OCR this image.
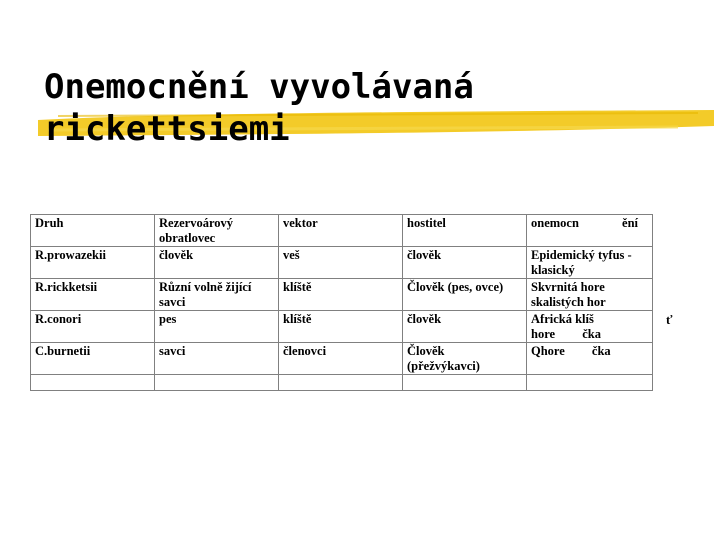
Onemocnění vyvolávaná
rickettsiemi
Druh	Rezervoárový obratlovec	vektor	hostitel	onemocn ění

R.prowazekii	člověk	veš	člověk	Epidemický tyfus -
klasický

R.rickketsii	Různí volně žijící
savci	klíště	Člověk (pes, ovce)	Skvrnitá hore
skalistých hor

R.conori	pes	klíště	člověk	Africká klíš
hore čka

C.burnetii	savci	členovci	Člověk
(přežvýkavci)	Qhore čka

ť
